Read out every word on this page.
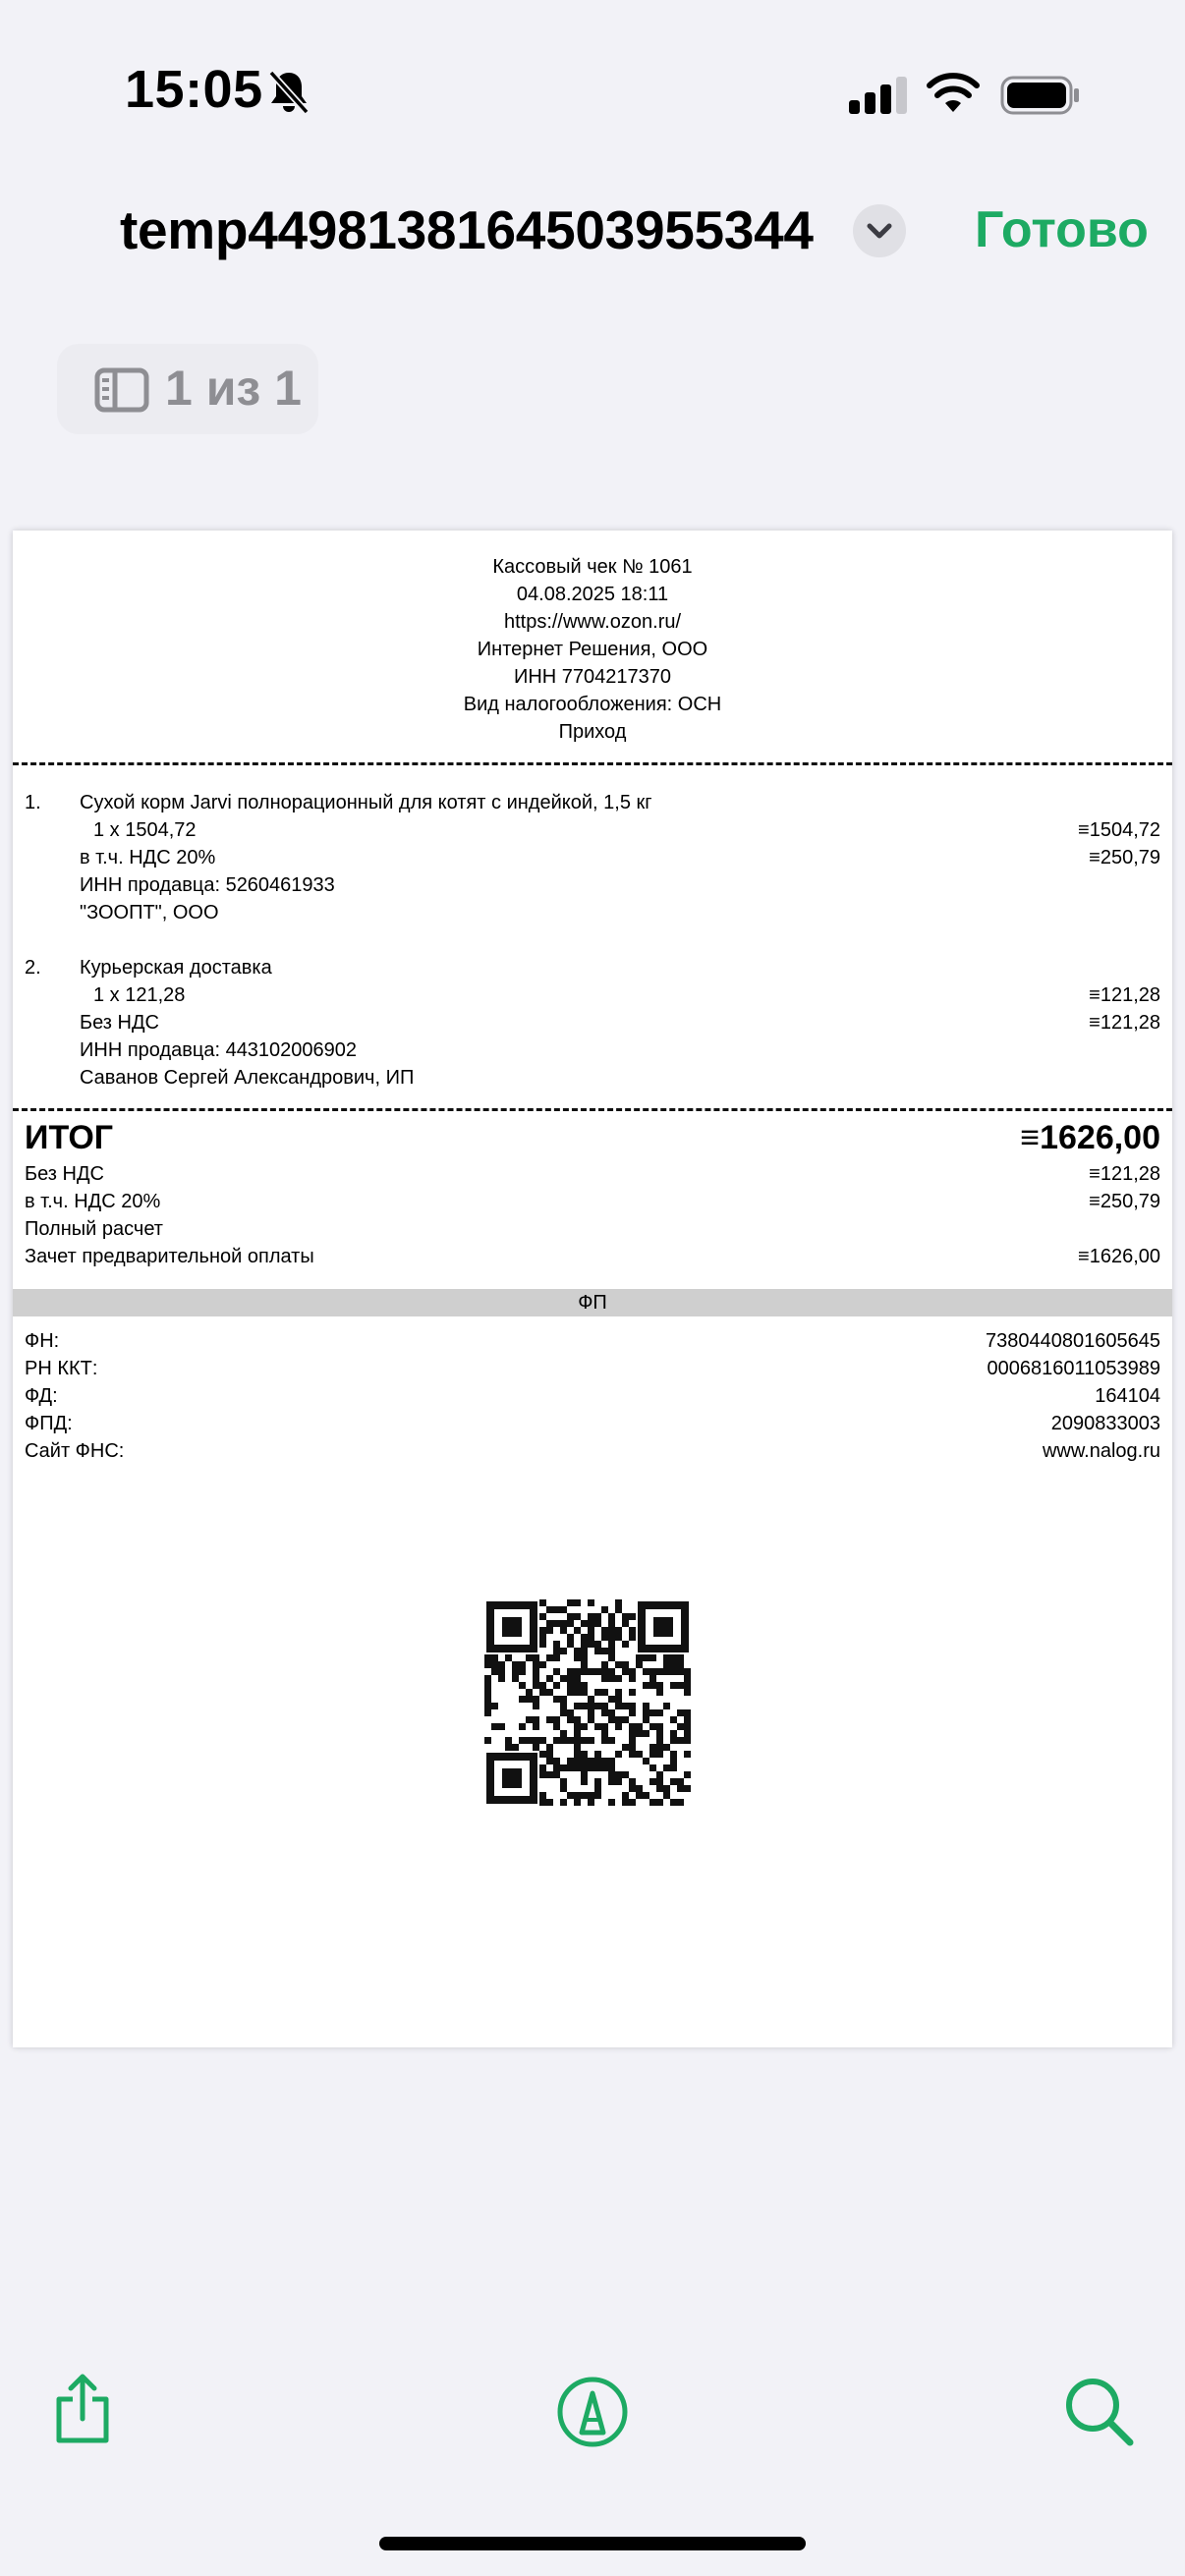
15:05
temp4498138164503955344	Готово
1 из 1
Кассовый чек № 1061
04.08.2025 18:11
https://www.ozon.ru/
Интернет Решения, ООО
ИНН 7704217370
Вид налогообложения: ОСН
Приход
1. Сухой корм Jarvi полнорационный для котят с индейкой, 1,5 кг
1 x 1504,72	≡1504,72
в т.ч. НДС 20%	≡250,79
ИНН продавца: 5260461933
"ЗООПТ", ООО
2. Курьерская доставка
1 x 121,28	≡121,28
Без НДС	≡121,28
ИНН продавца: 443102006902
Саванов Сергей Александрович, ИП
ИТОГ	≡1626,00
Без НДС	≡121,28
в т.ч. НДС 20%	≡250,79
Полный расчет
Зачет предварительной оплаты	≡1626,00
ФП
ФН:	7380440801605645
РН ККТ:	0006816011053989
ФД:	164104
ФПД:	2090833003
Сайт ФНС:	www.nalog.ru
